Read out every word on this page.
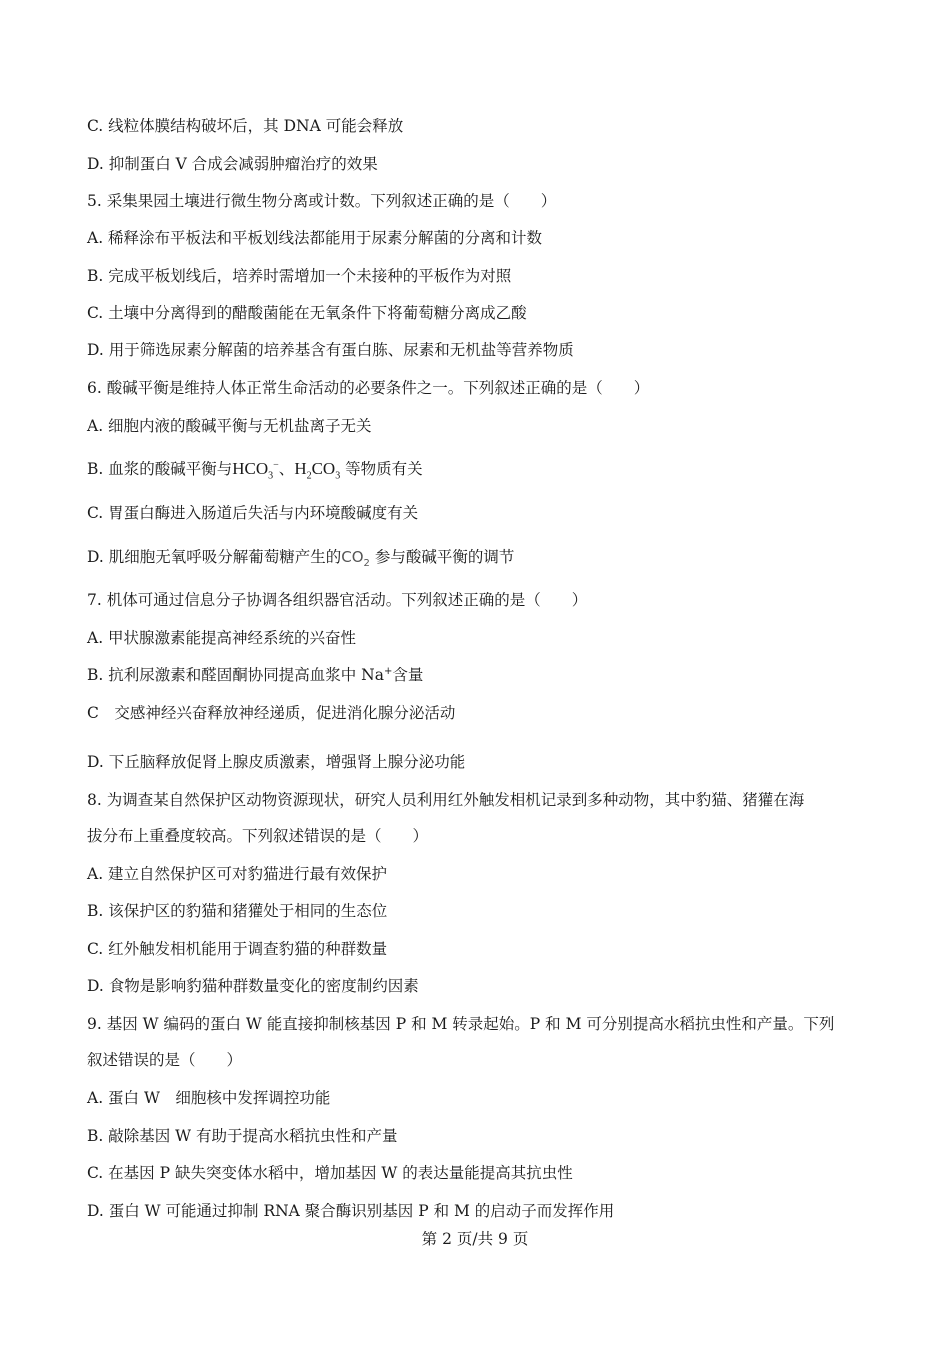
C. 线粒体膜结构破坏后，其 DNA 可能会释放
D. 抑制蛋白 V 合成会减弱肿瘤治疗的效果
5. 采集果园土壤进行微生物分离或计数。下列叙述正确的是（　　）
A. 稀释涂布平板法和平板划线法都能用于尿素分解菌的分离和计数
B. 完成平板划线后，培养时需增加一个未接种的平板作为对照
C. 土壤中分离得到的醋酸菌能在无氧条件下将葡萄糖分离成乙酸
D. 用于筛选尿素分解菌的培养基含有蛋白胨、尿素和无机盐等营养物质
6. 酸碱平衡是维持人体正常生命活动的必要条件之一。下列叙述正确的是（　　）
A. 细胞内液的酸碱平衡与无机盐离子无关
B. 血浆的酸碱平衡与$HCO_3^-$、$H_2CO_3$ 等物质有关
C. 胃蛋白酶进入肠道后失活与内环境酸碱度有关
D. 肌细胞无氧呼吸分解葡萄糖产生的$CO_2$ 参与酸碱平衡的调节
7. 机体可通过信息分子协调各组织器官活动。下列叙述正确的是（　　）
A. 甲状腺激素能提高神经系统的兴奋性
B. 抗利尿激素和醛固酮协同提高血浆中 Na+含量
C　交感神经兴奋释放神经递质，促进消化腺分泌活动
D. 下丘脑释放促肾上腺皮质激素，增强肾上腺分泌功能
8. 为调查某自然保护区动物资源现状，研究人员利用红外触发相机记录到多种动物，其中豹猫、猪獾在海
拔分布上重叠度较高。下列叙述错误的是（　　）
A. 建立自然保护区可对豹猫进行最有效保护
B. 该保护区的豹猫和猪獾处于相同的生态位
C. 红外触发相机能用于调查豹猫的种群数量
D. 食物是影响豹猫种群数量变化的密度制约因素
9. 基因 W 编码的蛋白 W 能直接抑制核基因 P 和 M 转录起始。P 和 M 可分别提高水稻抗虫性和产量。下列
叙述错误的是（　　）
A. 蛋白 W　细胞核中发挥调控功能
B. 敲除基因 W 有助于提高水稻抗虫性和产量
C. 在基因 P 缺失突变体水稻中，增加基因 W 的表达量能提高其抗虫性
D. 蛋白 W 可能通过抑制 RNA 聚合酶识别基因 P 和 M 的启动子而发挥作用
第 2 页/共 9 页
